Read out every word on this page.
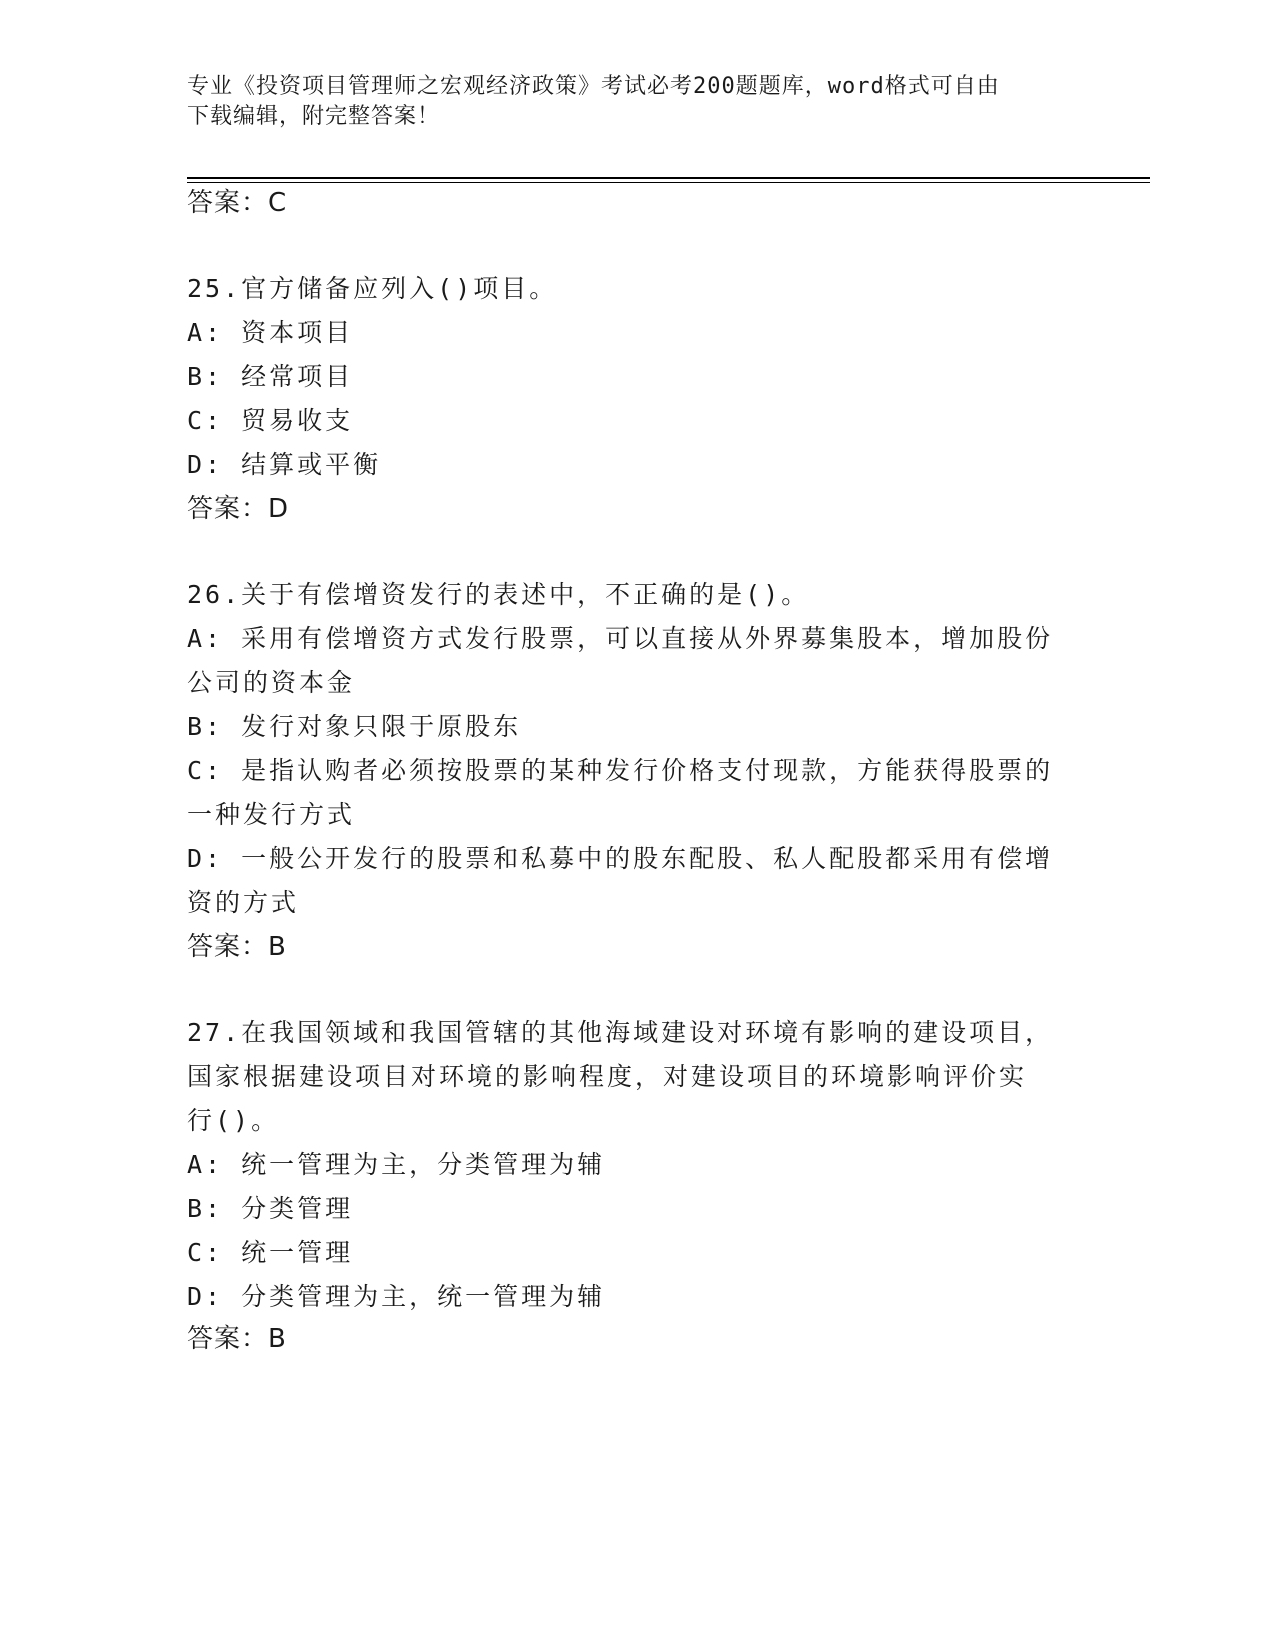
专业《投资项目管理师之宏观经济政策》考试必考200题题库，word格式可自由
下载编辑，附完整答案！
答案：C
25.官方储备应列入()项目。
A: 资本项目
B: 经常项目
C: 贸易收支
D: 结算或平衡
答案：D
26.关于有偿增资发行的表述中，不正确的是()。
A: 采用有偿增资方式发行股票，可以直接从外界募集股本，增加股份
公司的资本金
B: 发行对象只限于原股东
C: 是指认购者必须按股票的某种发行价格支付现款，方能获得股票的
一种发行方式
D: 一般公开发行的股票和私募中的股东配股、私人配股都采用有偿增
资的方式
答案：B
27.在我国领域和我国管辖的其他海域建设对环境有影响的建设项目，
国家根据建设项目对环境的影响程度，对建设项目的环境影响评价实
行()。
A: 统一管理为主，分类管理为辅
B: 分类管理
C: 统一管理
D: 分类管理为主，统一管理为辅
答案：B
